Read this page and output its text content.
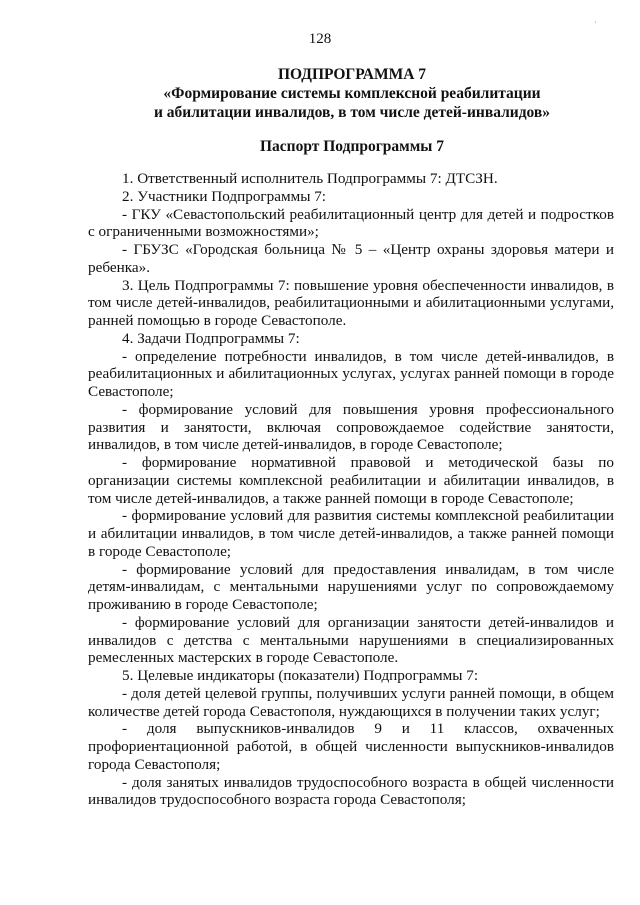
·
128
ПОДПРОГРАММА 7
«Формирование системы комплексной реабилитации
и абилитации инвалидов, в том числе детей-инвалидов»
Паспорт Подпрограммы 7

1. Ответственный исполнитель Подпрограммы 7: ДТСЗН.

2. Участники Подпрограммы 7:

- ГКУ «Севастопольский реабилитационный центр для детей и подростков с ограниченными возможностями»;

- ГБУЗС «Городская больница № 5 – «Центр охраны здоровья матери и ребенка».

3. Цель Подпрограммы 7: повышение уровня обеспеченности инвалидов, в том числе детей-инвалидов, реабилитационными и абилитационными услугами, ранней помощью в городе Севастополе.

4. Задачи Подпрограммы 7:

- определение потребности инвалидов, в том числе детей-инвалидов, в реабилитационных и абилитационных услугах, услугах ранней помощи в городе Севастополе;

- формирование условий для повышения уровня профессионального развития и занятости, включая сопровождаемое содействие занятости, инвалидов, в том числе детей-инвалидов, в городе Севастополе;

- формирование нормативной правовой и методической базы по организации системы комплексной реабилитации и абилитации инвалидов, в том числе детей-инвалидов, а также ранней помощи в городе Севастополе;

- формирование условий для развития системы комплексной реабилитации и абилитации инвалидов, в том числе детей-инвалидов, а также ранней помощи в городе Севастополе;

- формирование условий для предоставления инвалидам, в том числе детям-инвалидам, с ментальными нарушениями услуг по сопровождаемому проживанию в городе Севастополе;

- формирование условий для организации занятости детей-инвалидов и инвалидов с детства с ментальными нарушениями в специализированных ремесленных мастерских в городе Севастополе.

5. Целевые индикаторы (показатели) Подпрограммы 7:

- доля детей целевой группы, получивших услуги ранней помощи, в общем количестве детей города Севастополя, нуждающихся в получении таких услуг;

- доля выпускников-инвалидов 9 и 11 классов, охваченных профориентационной работой, в общей численности выпускников-инвалидов города Севастополя;

- доля занятых инвалидов трудоспособного возраста в общей численности инвалидов трудоспособного возраста города Севастополя;
